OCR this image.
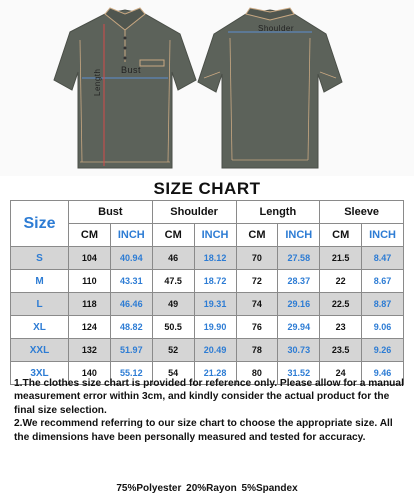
Bust
Length
Shoulder
SIZE CHART
Size	Bust		Shoulder		Length		Sleeve	
	CM	INCH	CM	INCH	CM	INCH	CM	INCH
S	104	40.94	46	18.12	70	27.58	21.5	8.47
M	110	43.31	47.5	18.72	72	28.37	22	8.67
L	118	46.46	49	19.31	74	29.16	22.5	8.87
XL	124	48.82	50.5	19.90	76	29.94	23	9.06
XXL	132	51.97	52	20.49	78	30.73	23.5	9.26
3XL	140	55.12	54	21.28	80	31.52	24	9.46

1.The clothes size chart is provided for reference only. Please allow for a manual measurement error within 3cm, and kindly consider the actual product for the final size selection.

2.We recommend referring to our size chart to choose the appropriate size. All the dimensions have been personally measured and tested for accuracy.

75%Polyester 20%Rayon 5%Spandex
